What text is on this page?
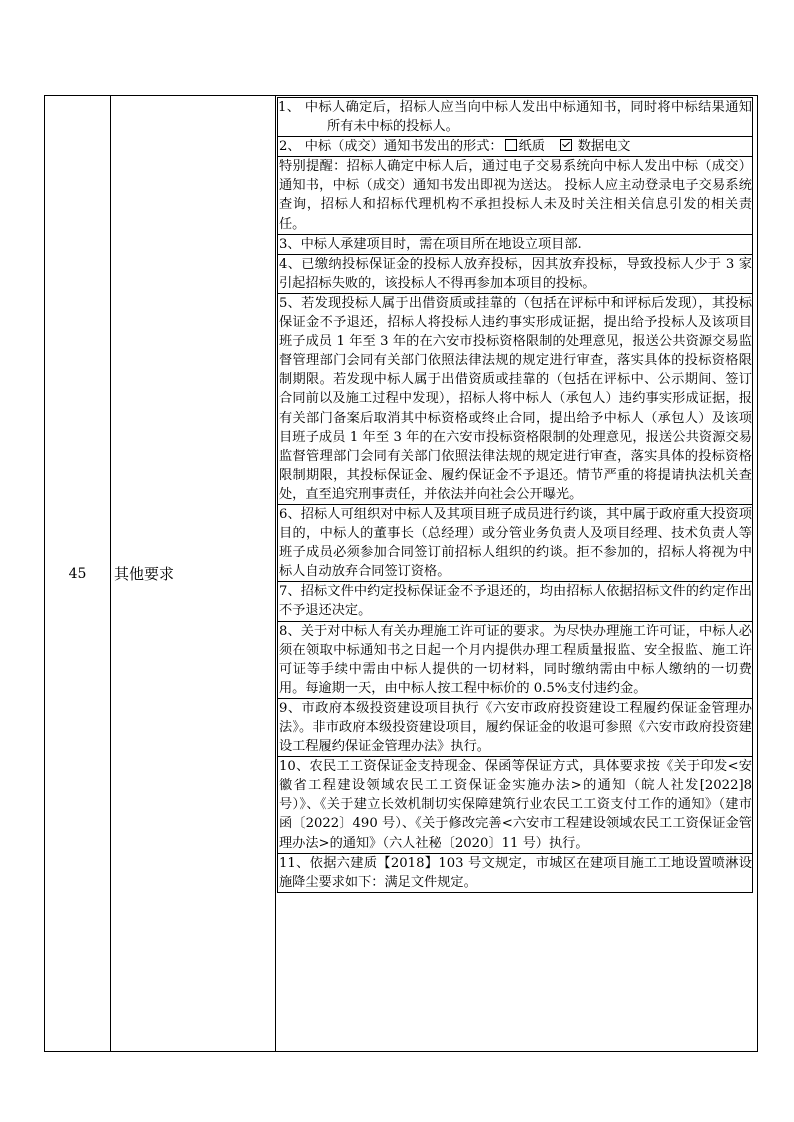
45	其他要求	

1、 中标人确定后，招标人应当向中标人发出中标通知书，同时将中标结果通知所有未中标的投标人。

2、 中标（成交）通知书发出的形式： 纸质 数据电文

特别提醒：招标人确定中标人后，通过电子交易系统向中标人发出中标（成交）通知书，中标（成交）通知书发出即视为送达。 投标人应主动登录电子交易系统查询，招标人和招标代理机构不承担投标人未及时关注相关信息引发的相关责任。

3、中标人承建项目时，需在项目所在地设立项目部.

4、已缴纳投标保证金的投标人放弃投标，因其放弃投标，导致投标人少于 3 家引起招标失败的，该投标人不得再参加本项目的投标。

5、若发现投标人属于出借资质或挂靠的（包括在评标中和评标后发现），其投标保证金不予退还，招标人将投标人违约事实形成证据，提出给予投标人及该项目班子成员 1 年至 3 年的在六安市投标资格限制的处理意见，报送公共资源交易监督管理部门会同有关部门依照法律法规的规定进行审查，落实具体的投标资格限制期限。若发现中标人属于出借资质或挂靠的（包括在评标中、公示期间、签订合同前以及施工过程中发现），招标人将中标人（承包人）违约事实形成证据，报有关部门备案后取消其中标资格或终止合同，提出给予中标人（承包人）及该项目班子成员 1 年至 3 年的在六安市投标资格限制的处理意见，报送公共资源交易监督管理部门会同有关部门依照法律法规的规定进行审查，落实具体的投标资格限制期限，其投标保证金、履约保证金不予退还。情节严重的将提请执法机关查处，直至追究刑事责任，并依法并向社会公开曝光。

6、招标人可组织对中标人及其项目班子成员进行约谈，其中属于政府重大投资项目的，中标人的董事长（总经理）或分管业务负责人及项目经理、技术负责人等班子成员必须参加合同签订前招标人组织的约谈。拒不参加的，招标人将视为中标人自动放弃合同签订资格。

7、招标文件中约定投标保证金不予退还的，均由招标人依据招标文件的约定作出不予退还决定。

8、关于对中标人有关办理施工许可证的要求。为尽快办理施工许可证，中标人必须在领取中标通知书之日起一个月内提供办理工程质量报监、安全报监、施工许可证等手续中需由中标人提供的一切材料，同时缴纳需由中标人缴纳的一切费用。每逾期一天，由中标人按工程中标价的 0.5%支付违约金。

9、市政府本级投资建设项目执行《六安市政府投资建设工程履约保证金管理办法》。非市政府本级投资建设项目，履约保证金的收退可参照《六安市政府投资建设工程履约保证金管理办法》执行。

10、农民工工资保证金支持现金、保函等保证方式，具体要求按《关于印发<安徽省工程建设领域农民工工资保证金实施办法>的通知（皖人社发[2022]8 号）》、《关于建立长效机制切实保障建筑行业农民工工资支付工作的通知》（建市函〔2022〕490 号）、《关于修改完善<六安市工程建设领域农民工工资保证金管理办法>的通知》（六人社秘〔2020〕11 号）执行。

11、依据六建质【2018】103 号文规定，市城区在建项目施工工地设置喷淋设施降尘要求如下：满足文件规定。
